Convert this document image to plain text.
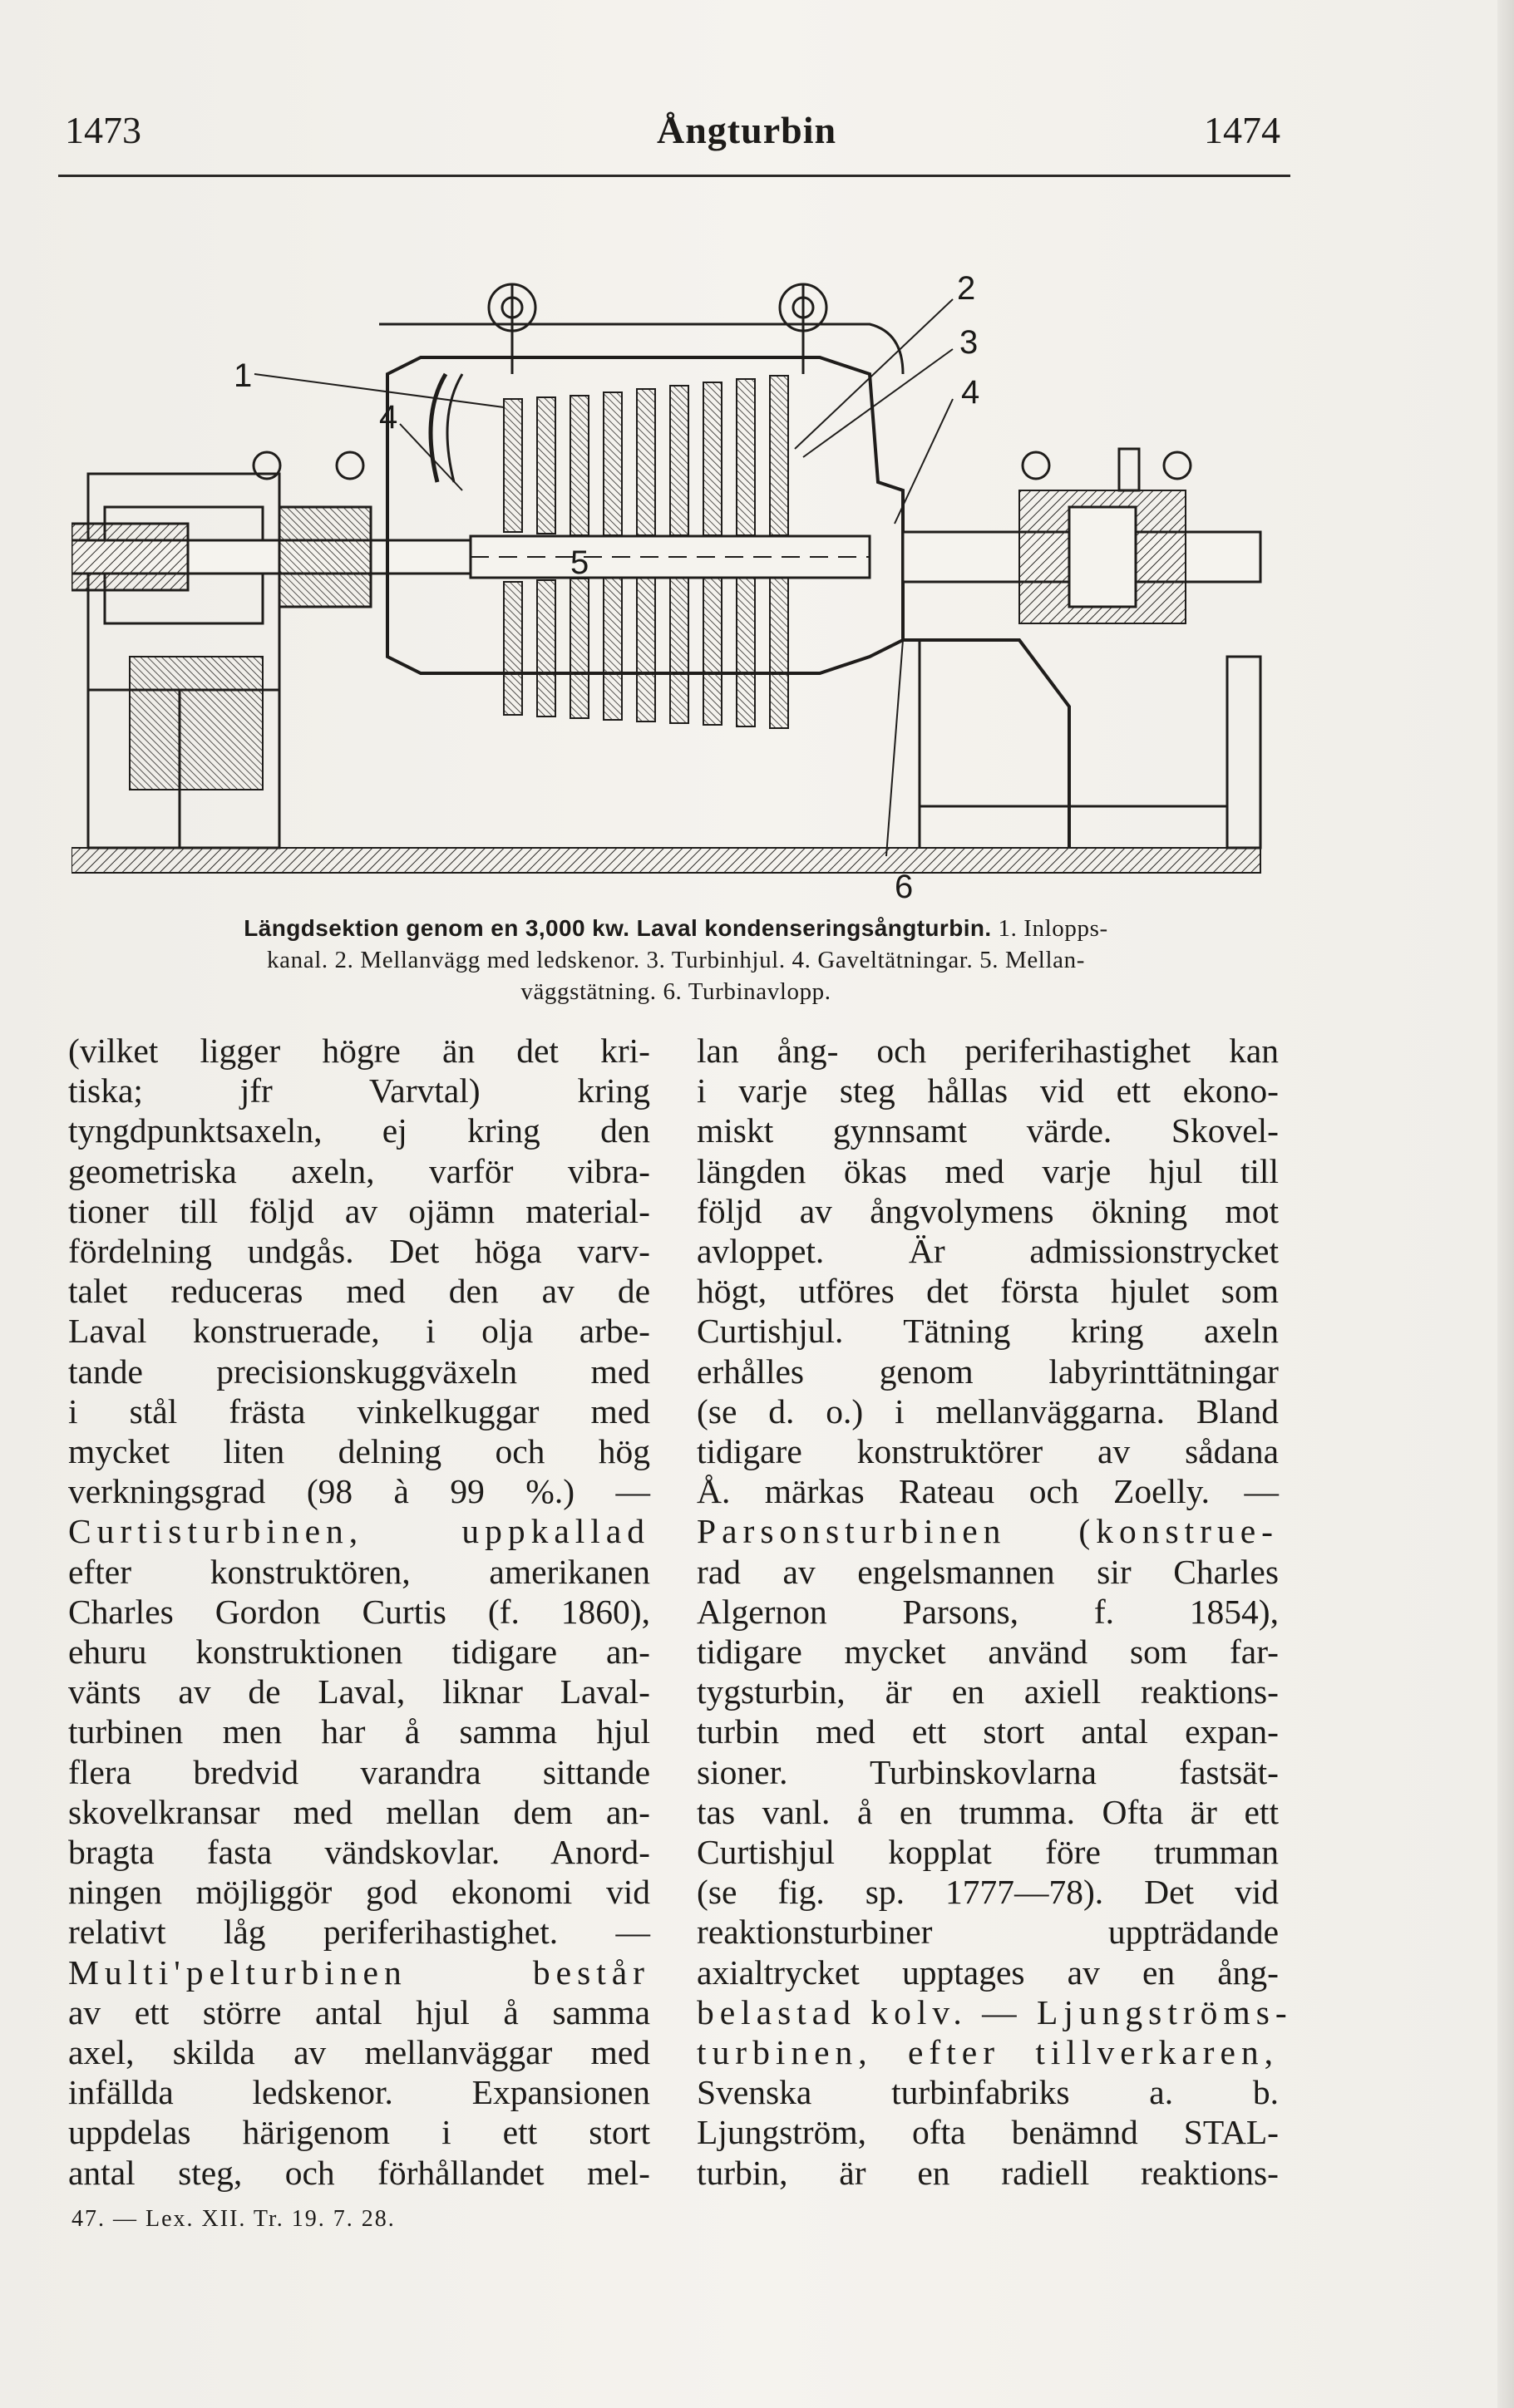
1473	Ångturbin	1474
1
2
3
4
4
5
6
Längdsektion genom en 3,000 kw. Laval kondenseringsångturbin. 1. Inlopps-
kanal. 2. Mellanvägg med ledskenor. 3. Turbinhjul. 4. Gaveltätningar. 5. Mellan-
väggstätning. 6. Turbinavlopp.
(vilket ligger högre än det kri-
tiska; jfr Varvtal) kring
tyngdpunktsaxeln, ej kring den
geometriska axeln, varför vibra-
tioner till följd av ojämn material-
fördelning undgås. Det höga varv-
talet reduceras med den av de
Laval konstruerade, i olja arbe-
tande precisionskuggväxeln med
i stål frästa vinkelkuggar med
mycket liten delning och hög
verkningsgrad (98 à 99 %.) —
Curtisturbinen, uppkallad
efter konstruktören, amerikanen
Charles Gordon Curtis (f. 1860),
ehuru konstruktionen tidigare an-
vänts av de Laval, liknar Laval-
turbinen men har å samma hjul
flera bredvid varandra sittande
skovelkransar med mellan dem an-
bragta fasta vändskovlar. Anord-
ningen möjliggör god ekonomi vid
relativt låg periferihastighet. —
Multi'pelturbinen består
av ett större antal hjul å samma
axel, skilda av mellanväggar med
infällda ledskenor. Expansionen
uppdelas härigenom i ett stort
antal steg, och förhållandet mel-
lan ång- och periferihastighet kan
i varje steg hållas vid ett ekono-
miskt gynnsamt värde. Skovel-
längden ökas med varje hjul till
följd av ångvolymens ökning mot
avloppet. Är admissionstrycket
högt, utföres det första hjulet som
Curtishjul. Tätning kring axeln
erhålles genom labyrinttätningar
(se d. o.) i mellanväggarna. Bland
tidigare konstruktörer av sådana
Å. märkas Rateau och Zoelly. —
Parsonsturbinen (konstrue-
rad av engelsmannen sir Charles
Algernon Parsons, f. 1854),
tidigare mycket använd som far-
tygsturbin, är en axiell reaktions-
turbin med ett stort antal expan-
sioner. Turbinskovlarna fastsät-
tas vanl. å en trumma. Ofta är ett
Curtishjul kopplat före trumman
(se fig. sp. 1777—78). Det vid
reaktionsturbiner uppträdande
axialtrycket upptages av en ång-
belastad kolv. — Ljungströms-
turbinen, efter tillverkaren,
Svenska turbinfabriks a. b.
Ljungström, ofta benämnd STAL-
turbin, är en radiell reaktions-
47. — Lex. XII. Tr. 19. 7. 28.
